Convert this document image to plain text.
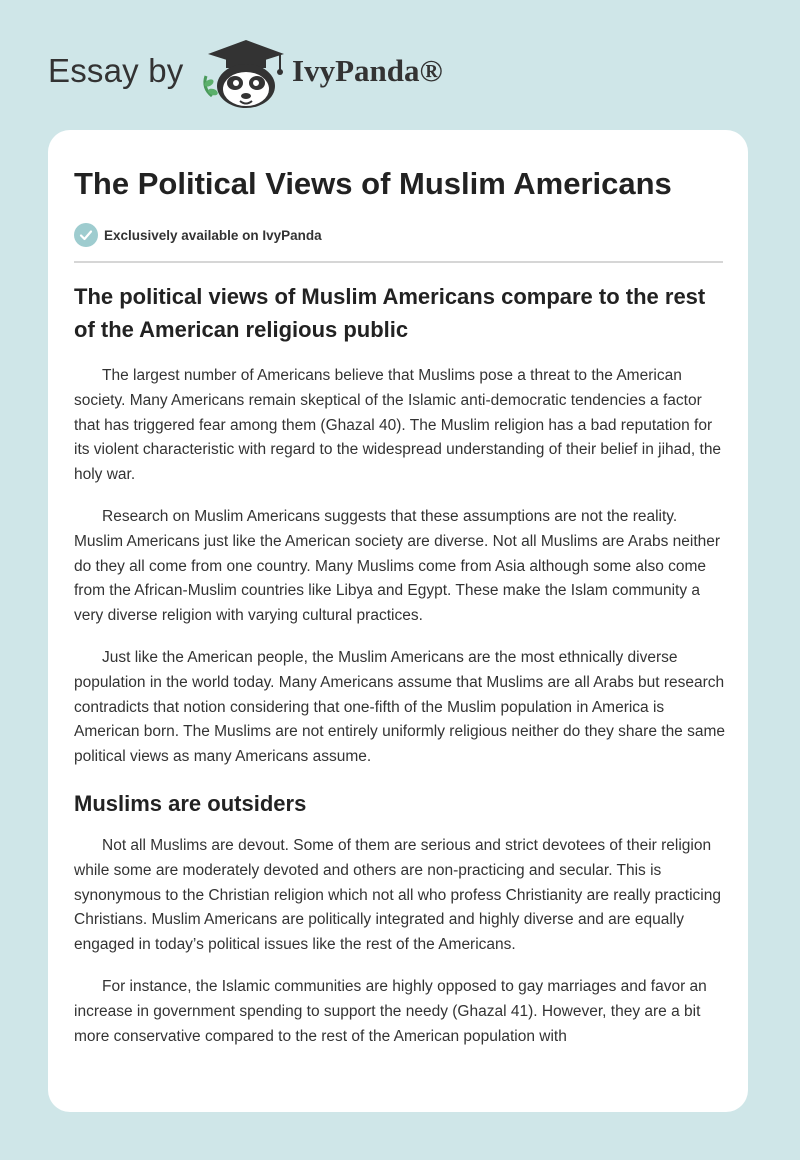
Essay by	IvyPanda®
The Political Views of Muslim Americans
Exclusively available on IvyPanda
The political views of Muslim Americans compare to the rest of the American religious public

The largest number of Americans believe that Muslims pose a threat to the American society. Many Americans remain skeptical of the Islamic anti-democratic tendencies a factor that has triggered fear among them (Ghazal 40). The Muslim religion has a bad reputation for its violent characteristic with regard to the widespread understanding of their belief in jihad, the holy war.

Research on Muslim Americans suggests that these assumptions are not the reality. Muslim Americans just like the American society are diverse. Not all Muslims are Arabs neither do they all come from one country. Many Muslims come from Asia although some also come from the African-Muslim countries like Libya and Egypt. These make the Islam community a very diverse religion with varying cultural practices.

Just like the American people, the Muslim Americans are the most ethnically diverse population in the world today. Many Americans assume that Muslims are all Arabs but research contradicts that notion considering that one-fifth of the Muslim population in America is American born. The Muslims are not entirely uniformly religious neither do they share the same political views as many Americans assume.

Muslims are outsiders

Not all Muslims are devout. Some of them are serious and strict devotees of their religion while some are moderately devoted and others are non-practicing and secular. This is synonymous to the Christian religion which not all who profess Christianity are really practicing Christians. Muslim Americans are politically integrated and highly diverse and are equally engaged in today’s political issues like the rest of the Americans.

For instance, the Islamic communities are highly opposed to gay marriages and favor an increase in government spending to support the needy (Ghazal 41). However, they are a bit more conservative compared to the rest of the American population with
